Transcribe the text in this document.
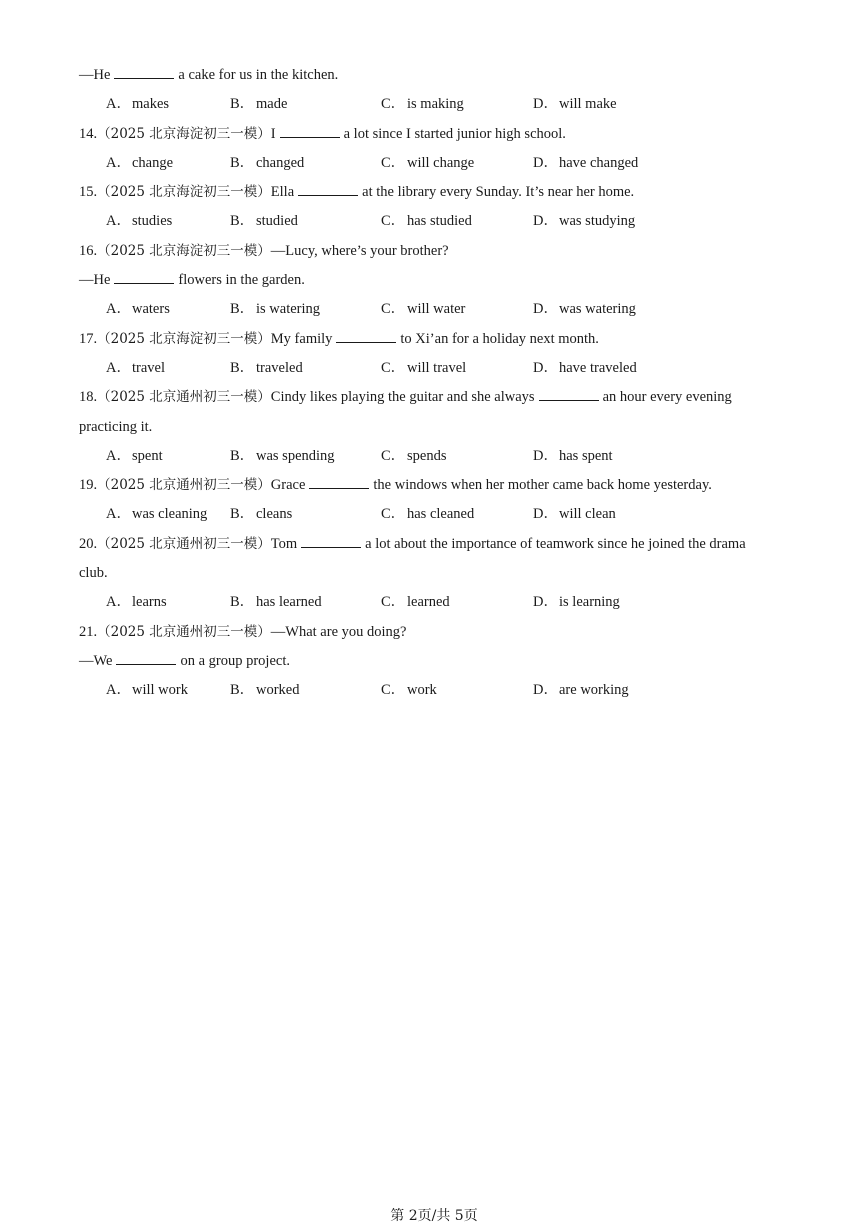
—He	a cake for us in the kitchen.
A． makes	B． made	C． is making	D． will make
14.（2025 北京海淀初三一模）I	a lot since I started junior high school.
A． change	B． changed	C． will change	D． have changed
15.（2025 北京海淀初三一模）Ella	at the library every Sunday. It’s near her home.
A． studies	B． studied	C． has studied	D． was studying
16.（2025 北京海淀初三一模）—Lucy, where’s your brother?
—He	flowers in the garden.
A． waters	B． is watering	C． will water	D． was watering
17.（2025 北京海淀初三一模）My family	to Xi’an for a holiday next month.
A． travel	B． traveled	C． will travel	D． have traveled
18.（2025 北京通州初三一模）Cindy likes playing the guitar and she always	an hour every evening
practicing it.
A． spent	B． was spending	C． spends	D． has spent
19.（2025 北京通州初三一模）Grace	the windows when her mother came back home yesterday.
A． was cleaning B． cleans	C． has cleaned	D． will clean
20.（2025 北京通州初三一模）Tom	a lot about the importance of teamwork since he joined the drama
club.
A． learns	B． has learned	C． learned	D． is learning
21.（2025 北京通州初三一模）—What are you doing?
—We	on a group project.
A． will work	B． worked	C． work	D． are working
第 2页/共 5页
